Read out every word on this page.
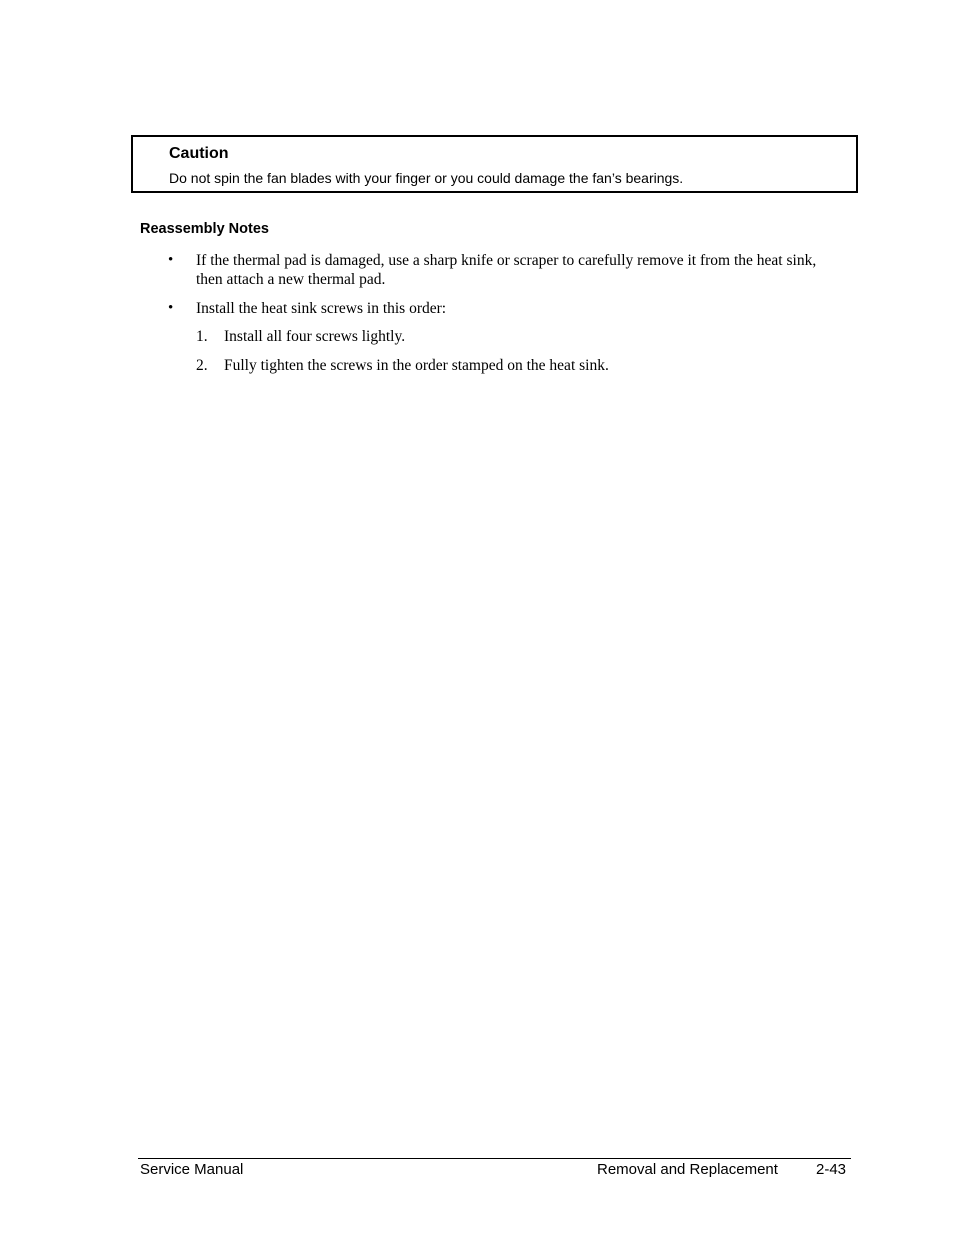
Caution
Do not spin the fan blades with your finger or you could damage the fan’s bearings.
Reassembly Notes
• If the thermal pad is damaged, use a sharp knife or scraper to carefully remove it from the heat sink, then attach a new thermal pad.
• Install the heat sink screws in this order:
1. Install all four screws lightly.
2. Fully tighten the screws in the order stamped on the heat sink.
Service Manual	Removal and Replacement	2-43
